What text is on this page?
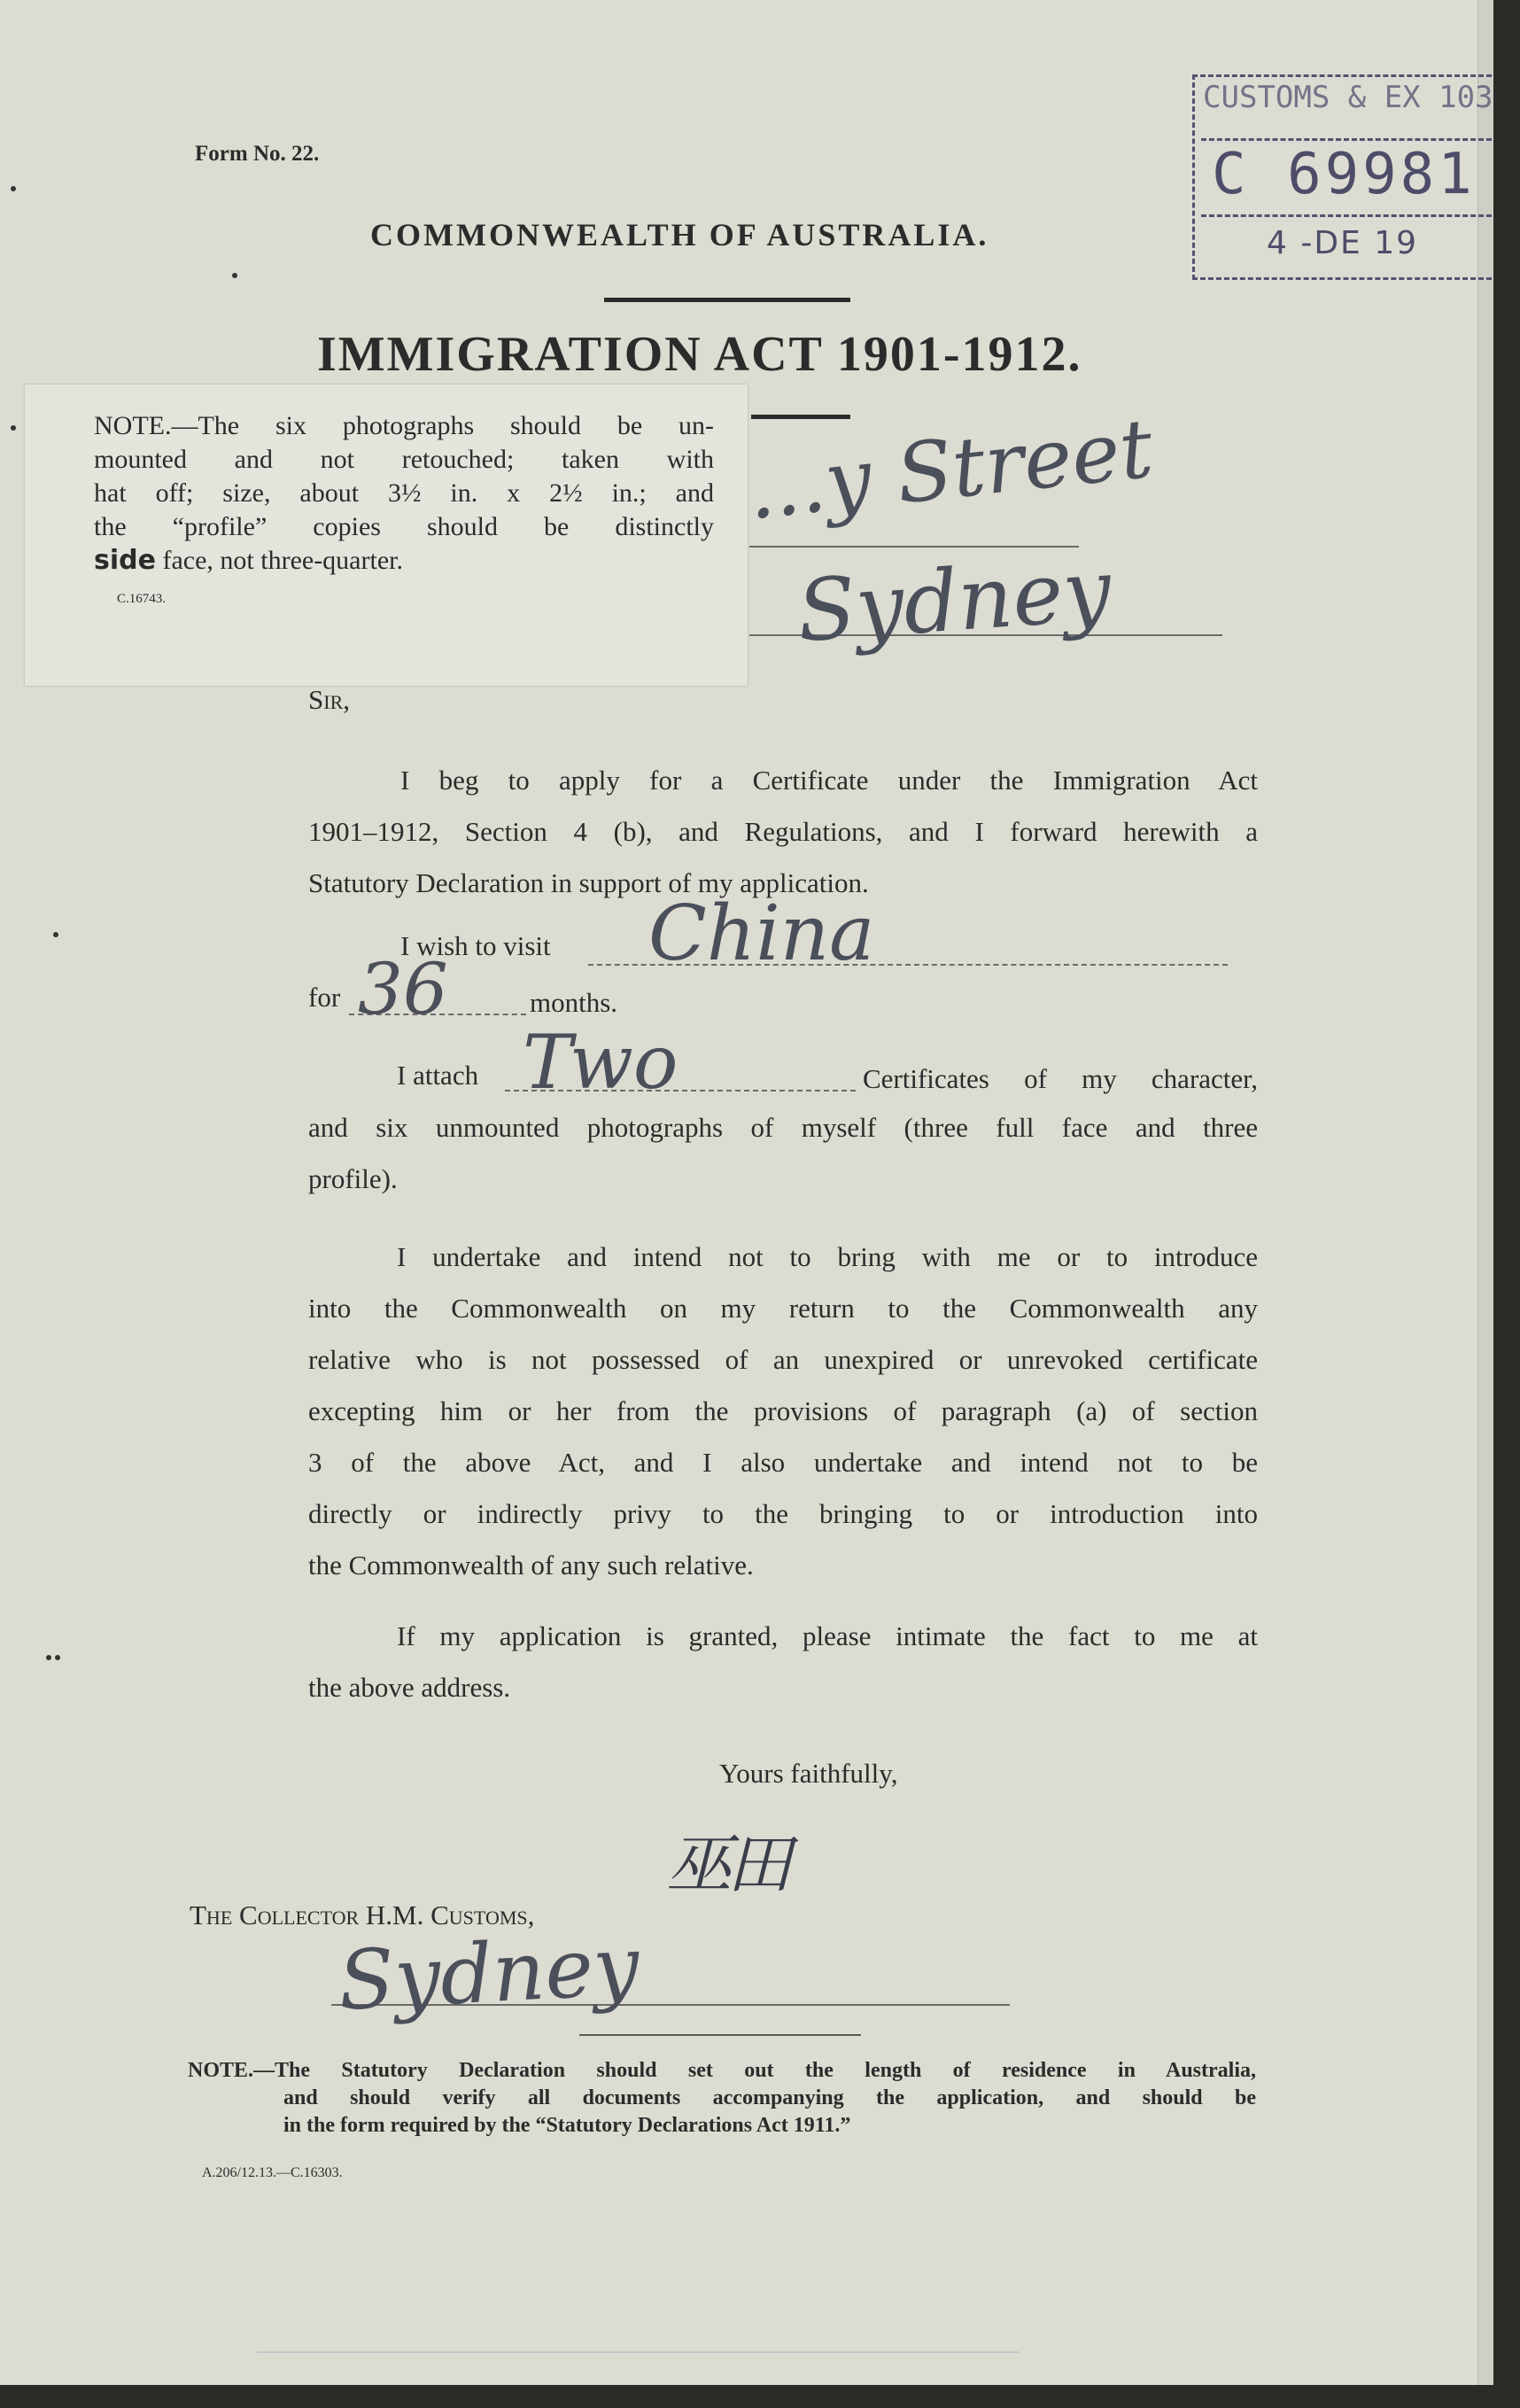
Form No. 22.
COMMONWEALTH OF AUSTRALIA.
IMMIGRATION ACT 1901-1912.
CUSTOMS & EX 103
C 69981
4 -DE 19
NOTE.—The six photographs should be un-
mounted and not retouched; taken with
hat off; size, about 3½ in. x 2½ in.; and
the “profile” copies should be distinctly
side face, not three-quarter.
C.16743.
...y Street
Sydney
Sir,
I beg to apply for a Certificate under the Immigration Act
1901–1912, Section 4 (b), and Regulations, and I forward herewith a
Statutory Declaration in support of my application.
I wish to visit China
for 36	months.
I attach Two	Certificates of my character,
and six unmounted photographs of myself (three full face and three
profile).
I undertake and intend not to bring with me or to introduce
into the Commonwealth on my return to the Commonwealth any
relative who is not possessed of an unexpired or unrevoked certificate
excepting him or her from the provisions of paragraph (a) of section
3 of the above Act, and I also undertake and intend not to be
directly or indirectly privy to the bringing to or introduction into
the Commonwealth of any such relative.
If my application is granted, please intimate the fact to me at
the above address.
Yours faithfully,
巫田
The Collector H.M. Customs,
Sydney
NOTE.—The Statutory Declaration should set out the length of residence in Australia,
and should verify all documents accompanying the application, and should be
in the form required by the “Statutory Declarations Act 1911.”
A.206/12.13.—C.16303.
